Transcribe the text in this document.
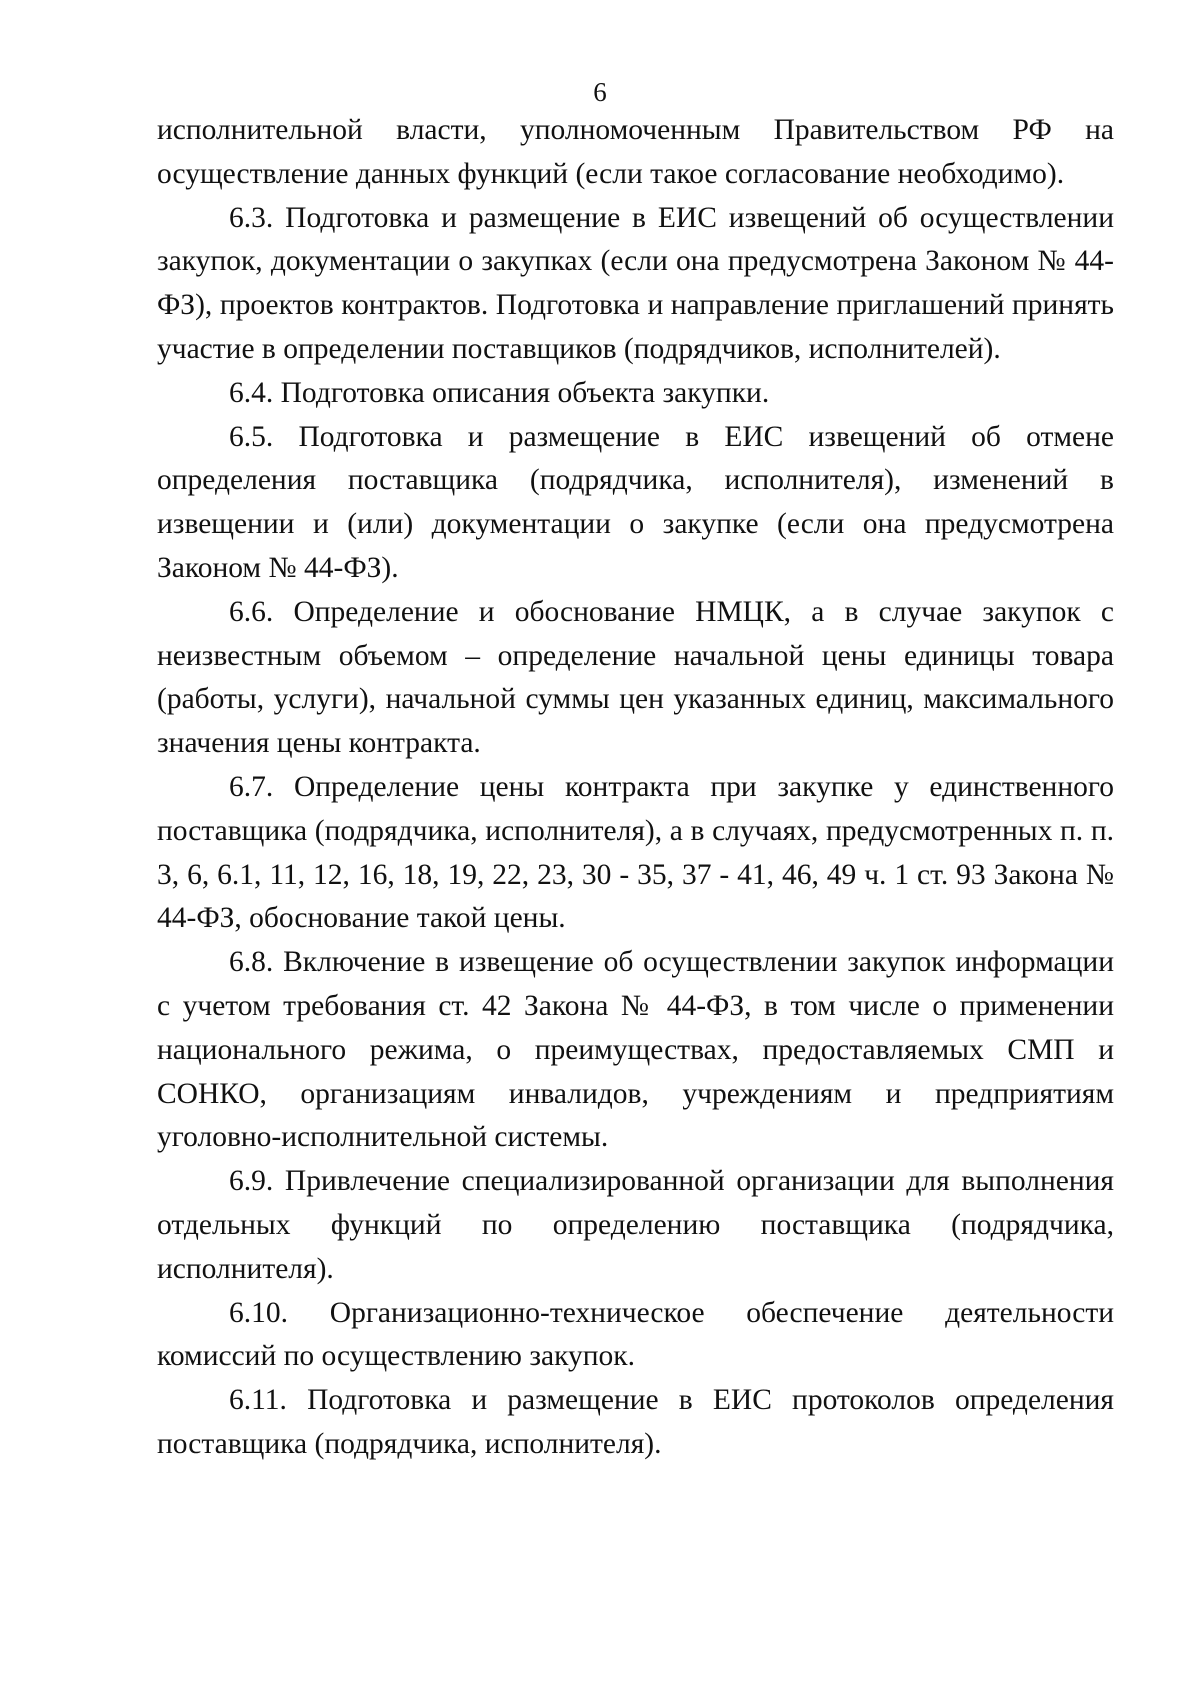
6

исполнительной власти, уполномоченным Правительством РФ на осуществление данных функций (если такое согласование необходимо).

6.3. Подготовка и размещение в ЕИС извещений об осуществлении закупок, документации о закупках (если она предусмотрена Законом № 44-ФЗ), проектов контрактов. Подготовка и направление приглашений принять участие в определении поставщиков (подрядчиков, исполнителей).

6.4. Подготовка описания объекта закупки.

6.5. Подготовка и размещение в ЕИС извещений об отмене определения поставщика (подрядчика, исполнителя), изменений в извещении и (или) документации о закупке (если она предусмотрена Законом № 44-ФЗ).

6.6. Определение и обоснование НМЦК, а в случае закупок с неизвестным объемом – определение начальной цены единицы товара (работы, услуги), начальной суммы цен указанных единиц, максимального значения цены контракта.

6.7. Определение цены контракта при закупке у единственного поставщика (подрядчика, исполнителя), а в случаях, предусмотренных п. п. 3, 6, 6.1, 11, 12, 16, 18, 19, 22, 23, 30 - 35, 37 - 41, 46, 49 ч. 1 ст. 93 Закона № 44-ФЗ, обоснование такой цены.

6.8. Включение в извещение об осуществлении закупок информации с учетом требования ст. 42 Закона № 44-ФЗ, в том числе о применении национального режима, о преимуществах, предоставляемых СМП и СОНКО, организациям инвалидов, учреждениям и предприятиям уголовно-исполнительной системы.

6.9. Привлечение специализированной организации для выполнения отдельных функций по определению поставщика (подрядчика, исполнителя).

6.10. Организационно-техническое обеспечение деятельности комиссий по осуществлению закупок.

6.11. Подготовка и размещение в ЕИС протоколов определения поставщика (подрядчика, исполнителя).
